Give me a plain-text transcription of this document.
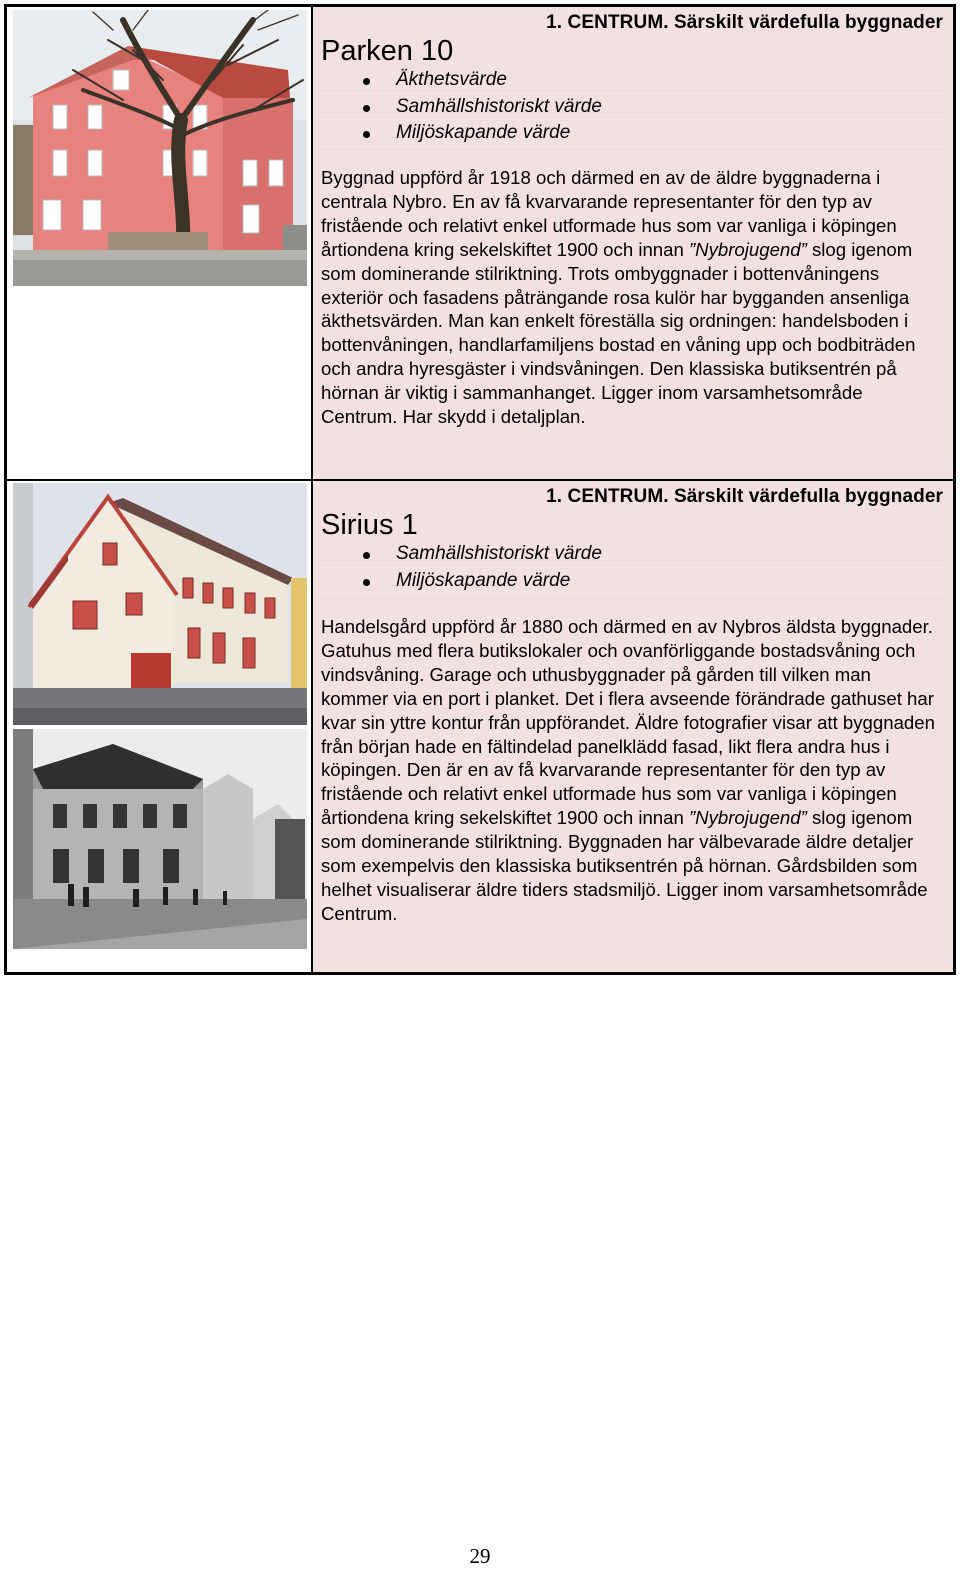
1. CENTRUM. Särskilt värdefulla byggnader
Parken 10
Äkthetsvärde
Samhällshistoriskt värde
Miljöskapande värde

Byggnad uppförd år 1918 och därmed en av de äldre byggnaderna i centrala Nybro. En av få kvarvarande representanter för den typ av fristående och relativt enkel utformade hus som var vanliga i köpingen årtiondena kring sekelskiftet 1900 och innan ”Nybrojugend” slog igenom som dominerande stilriktning. Trots ombyggnader i bottenvåningens exteriör och fasadens påträngande rosa kulör har bygganden ansenliga äkthetsvärden. Man kan enkelt föreställa sig ordningen: handelsboden i bottenvåningen, handlarfamiljens bostad en våning upp och bodbiträden och andra hyresgäster i vindsvåningen. Den klassiska butiksentrén på hörnan är viktig i sammanhanget. Ligger inom varsamhetsområde Centrum. Har skydd i detaljplan.

1. CENTRUM. Särskilt värdefulla byggnader
Sirius 1
Samhällshistoriskt värde
Miljöskapande värde

Handelsgård uppförd år 1880 och därmed en av Nybros äldsta byggnader. Gatuhus med flera butikslokaler och ovanförliggande bostadsvåning och vindsvåning. Garage och uthusbyggnader på gården till vilken man kommer via en port i planket. Det i flera avseende förändrade gathuset har kvar sin yttre kontur från uppförandet. Äldre fotografier visar att byggnaden från början hade en fältindelad panelklädd fasad, likt flera andra hus i köpingen. Den är en av få kvarvarande representanter för den typ av fristående och relativt enkel utformade hus som var vanliga i köpingen årtiondena kring sekelskiftet 1900 och innan ”Nybrojugend” slog igenom som dominerande stilriktning. Byggnaden har välbevarade äldre detaljer som exempelvis den klassiska butiksentrén på hörnan. Gårdsbilden som helhet visualiserar äldre tiders stadsmiljö. Ligger inom varsamhetsområde Centrum.

29
